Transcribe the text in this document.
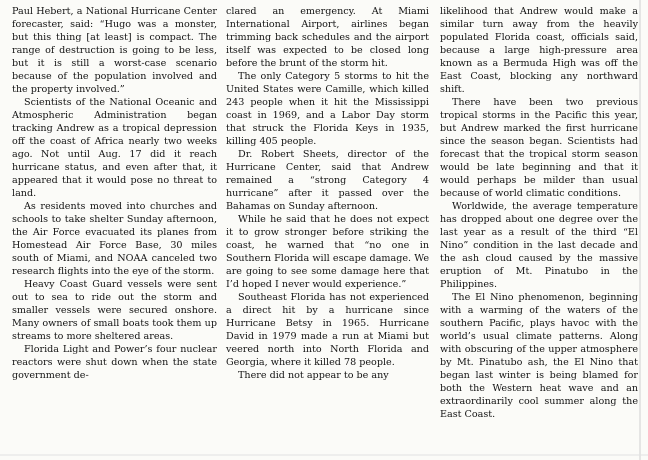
Paul Hebert, a National Hurricane Center forecaster, said: “Hugo was a monster, but this thing [at least] is compact. The range of destruction is going to be less, but it is still a worst-case scenario because of the population involved and the property involved.”

Scientists of the National Oceanic and Atmospheric Administration began tracking Andrew as a tropical depression off the coast of Africa nearly two weeks ago. Not until Aug. 17 did it reach hurricane status, and even after that, it appeared that it would pose no threat to land.

As residents moved into churches and schools to take shelter Sunday afternoon, the Air Force evacuated its planes from Homestead Air Force Base, 30 miles south of Miami, and NOAA canceled two research flights into the eye of the storm.

Heavy Coast Guard vessels were sent out to sea to ride out the storm and smaller vessels were secured onshore. Many owners of small boats took them up streams to more sheltered areas.

Florida Light and Power’s four nuclear reactors were shut down when the state government de-

clared an emergency. At Miami International Airport, airlines began trimming back schedules and the airport itself was expected to be closed long before the brunt of the storm hit.

The only Category 5 storms to hit the United States were Camille, which killed 243 people when it hit the Mississippi coast in 1969, and a Labor Day storm that struck the Florida Keys in 1935, killing 405 people.

Dr. Robert Sheets, director of the Hurricane Center, said that Andrew remained a “strong Category 4 hurricane” after it passed over the Bahamas on Sunday afternoon.

While he said that he does not expect it to grow stronger before striking the coast, he warned that “no one in Southern Florida will escape damage. We are going to see some damage here that I’d hoped I never would experience.”

Southeast Florida has not experienced a direct hit by a hurricane since Hurricane Betsy in 1965. Hurricane David in 1979 made a run at Miami but veered north into North Florida and Georgia, where it killed 78 people.

There did not appear to be any

likelihood that Andrew would make a similar turn away from the heavily populated Florida coast, officials said, because a large high-pressure area known as a Bermuda High was off the East Coast, blocking any northward shift.

There have been two previous tropical storms in the Pacific this year, but Andrew marked the first hurricane since the season began. Scientists had forecast that the tropical storm season would be late beginning and that it would perhaps be milder than usual because of world climatic conditions.

Worldwide, the average temperature has dropped about one degree over the last year as a result of the third “El Nino” condition in the last decade and the ash cloud caused by the massive eruption of Mt. Pinatubo in the Philippines.

The El Nino phenomenon, beginning with a warming of the waters of the southern Pacific, plays havoc with the world’s usual climate patterns. Along with obscuring of the upper atmosphere by Mt. Pinatubo ash, the El Nino that began last winter is being blamed for both the Western heat wave and an extraordinarily cool summer along the East Coast.
